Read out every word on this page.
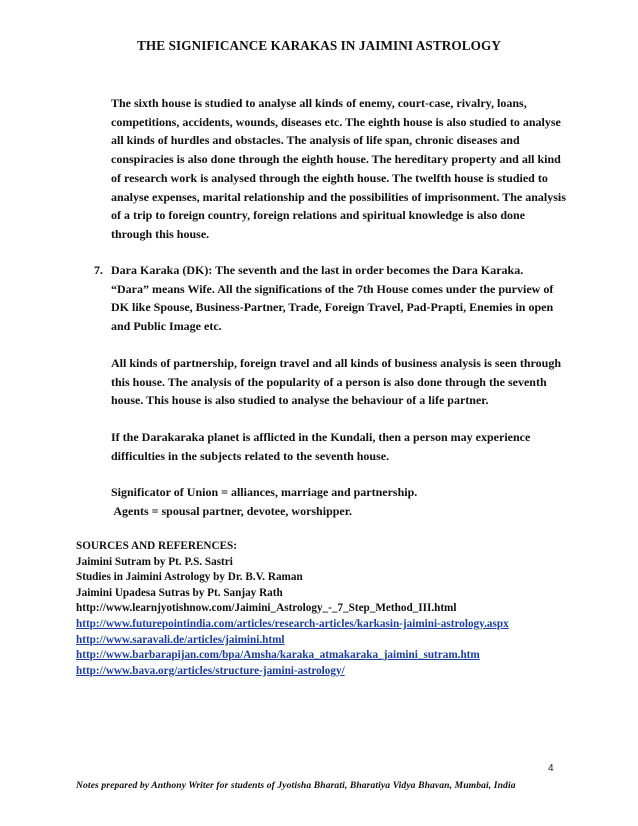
THE SIGNIFICANCE KARAKAS IN JAIMINI ASTROLOGY

The sixth house is studied to analyse all kinds of enemy, court-case, rivalry, loans, competitions, accidents, wounds, diseases etc. The eighth house is also studied to analyse all kinds of hurdles and obstacles. The analysis of life span, chronic diseases and conspiracies is also done through the eighth house. The hereditary property and all kind of research work is analysed through the eighth house. The twelfth house is studied to analyse expenses, marital relationship and the possibilities of imprisonment. The analysis of a trip to foreign country, foreign relations and spiritual knowledge is also done through this house.

7. Dara Karaka (DK): The seventh and the last in order becomes the Dara Karaka. “Dara” means Wife. All the significations of the 7th House comes under the purview of DK like Spouse, Business-Partner, Trade, Foreign Travel, Pad-Prapti, Enemies in open and Public Image etc.

All kinds of partnership, foreign travel and all kinds of business analysis is seen through this house. The analysis of the popularity of a person is also done through the seventh house. This house is also studied to analyse the behaviour of a life partner.

If the Darakaraka planet is afflicted in the Kundali, then a person may experience difficulties in the subjects related to the seventh house.

Significator of Union = alliances, marriage and partnership.
Agents = spousal partner, devotee, worshipper.
SOURCES AND REFERENCES:
Jaimini Sutram by Pt. P.S. Sastri
Studies in Jaimini Astrology by Dr. B.V. Raman
Jaimini Upadesa Sutras by Pt. Sanjay Rath
http://www.learnjyotishnow.com/Jaimini_Astrology_-_7_Step_Method_III.html
http://www.futurepointindia.com/articles/research-articles/karkasin-jaimini-astrology.aspx
http://www.saravali.de/articles/jaimini.html
http://www.barbarapijan.com/bpa/Amsha/karaka_atmakaraka_jaimini_sutram.htm
http://www.bava.org/articles/structure-jamini-astrology/
4
Notes prepared by Anthony Writer for students of Jyotisha Bharati, Bharatiya Vidya Bhavan, Mumbai, India
